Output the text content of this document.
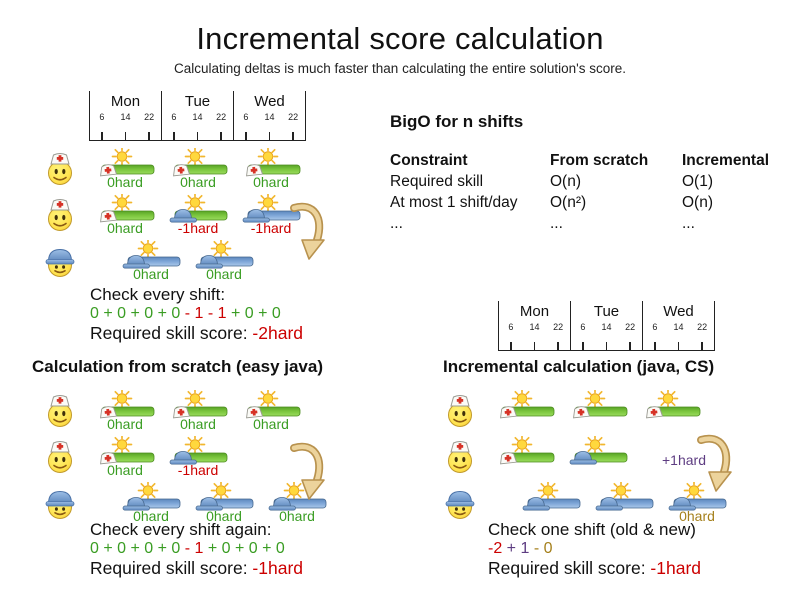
Incremental score calculation
Calculating deltas is much faster than calculating the entire solution's score.
Mon
6	14	22
Tue
6	14	22
Wed
6	14	22
Mon
6	14	22
Tue
6	14	22
Wed
6	14	22
BigO for n shifts
Constraint	From scratch	Incremental
Required skill	O(n)	O(1)
At most 1 shift/day	O(n²)	O(n)
...	...	...
0hard	0hard	0hard
0hard	-1hard	-1hard
0hard	0hard
Check every shift:
0 + 0 + 0 + 0 - 1 - 1 + 0 + 0
Required skill score: -2hard
Calculation from scratch (easy java)
0hard	0hard	0hard
0hard	-1hard
0hard	0hard	0hard
Check every shift again:
0 + 0 + 0 + 0 - 1 + 0 + 0 + 0
Required skill score: -1hard
Incremental calculation (java, CS)
0hard
+1hard
Check one shift (old & new)
-2 + 1 - 0
Required skill score: -1hard
